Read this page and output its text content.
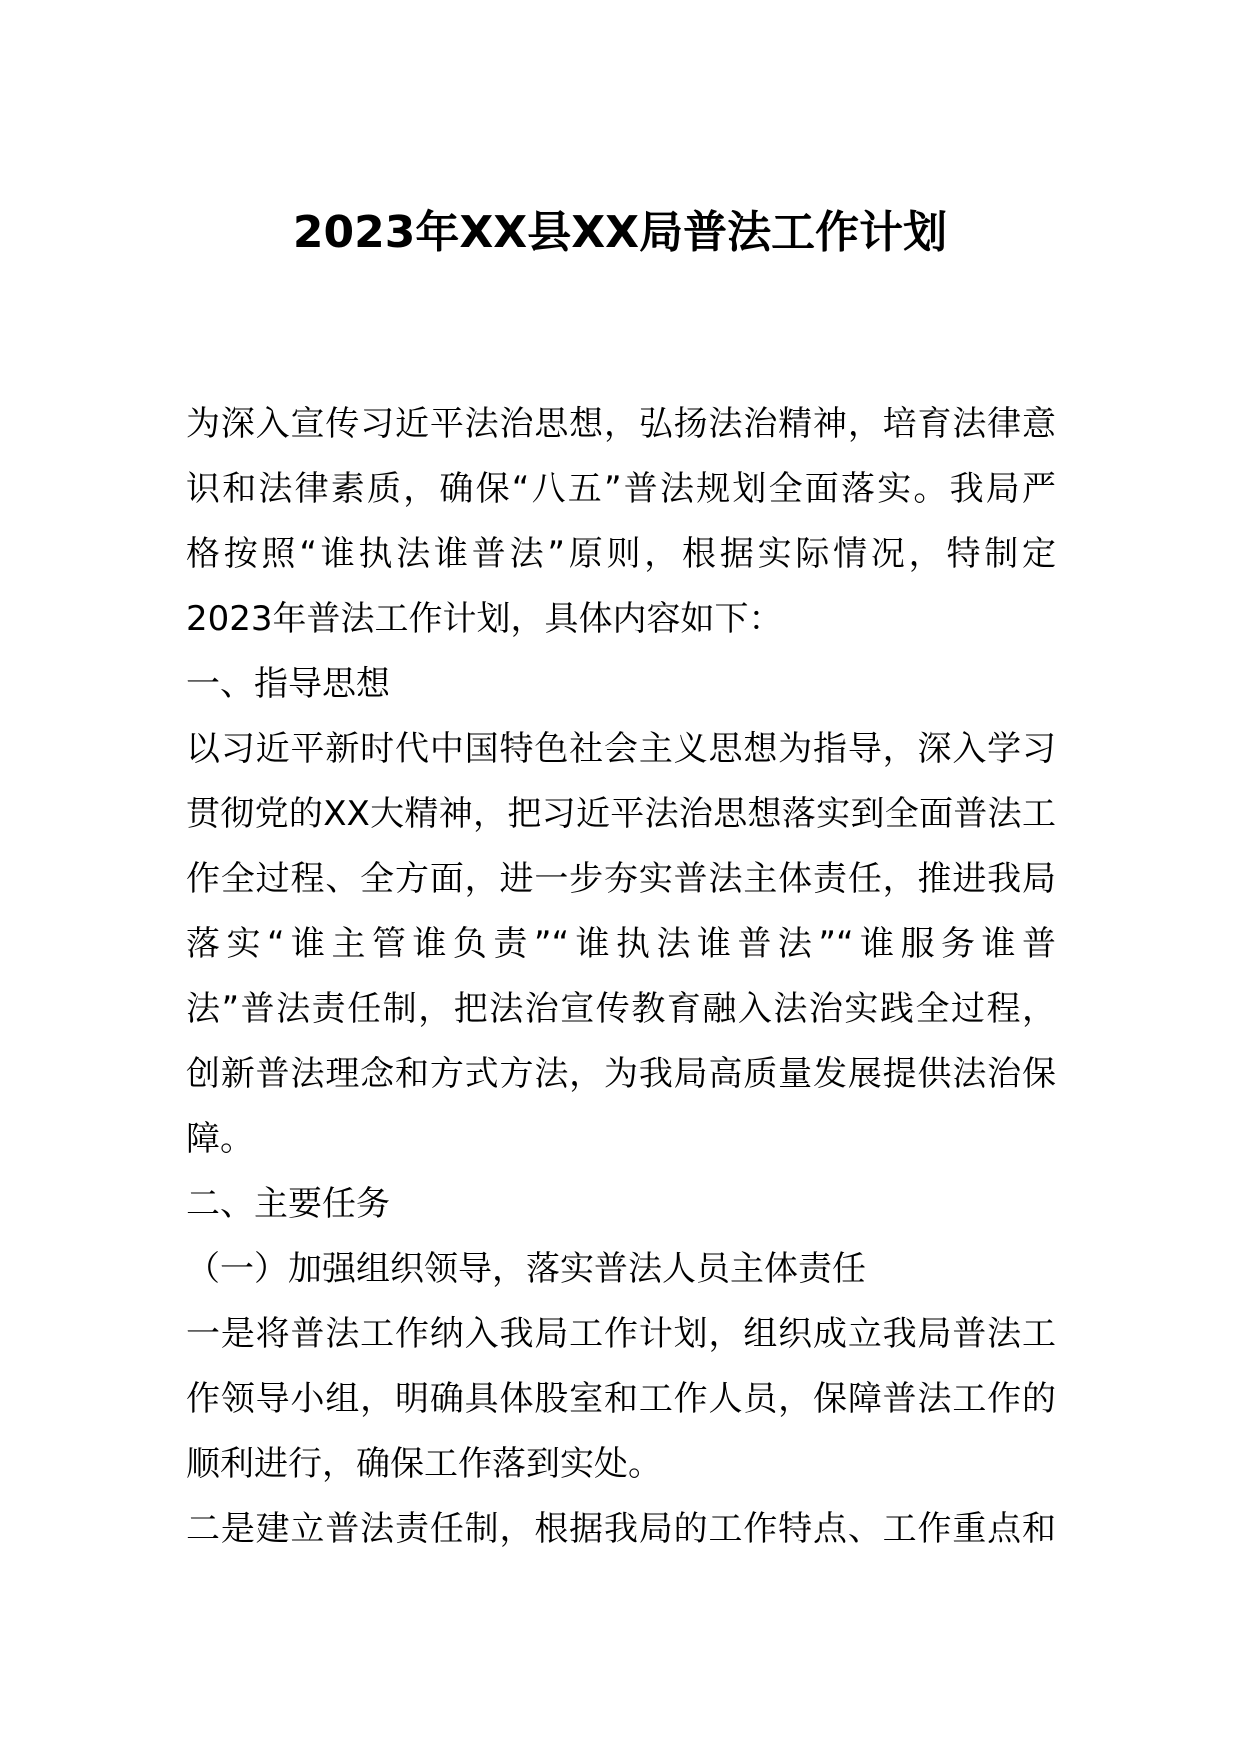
2023年XX县XX局普法工作计划

为深入宣传习近平法治思想，弘扬法治精神，培育法律意

识和法律素质，确保“八五”普法规划全面落实。我局严

格按照“谁执法谁普法”原则，根据实际情况，特制定

2023年普法工作计划，具体内容如下：

一、指导思想

以习近平新时代中国特色社会主义思想为指导，深入学习

贯彻党的XX大精神，把习近平法治思想落实到全面普法工

作全过程、全方面，进一步夯实普法主体责任，推进我局

落实“谁主管谁负责”“谁执法谁普法”“谁服务谁普

法”普法责任制，把法治宣传教育融入法治实践全过程，

创新普法理念和方式方法，为我局高质量发展提供法治保

障。

二、主要任务

（一）加强组织领导，落实普法人员主体责任

一是将普法工作纳入我局工作计划，组织成立我局普法工

作领导小组，明确具体股室和工作人员，保障普法工作的

顺利进行，确保工作落到实处。

二是建立普法责任制，根据我局的工作特点、工作重点和
